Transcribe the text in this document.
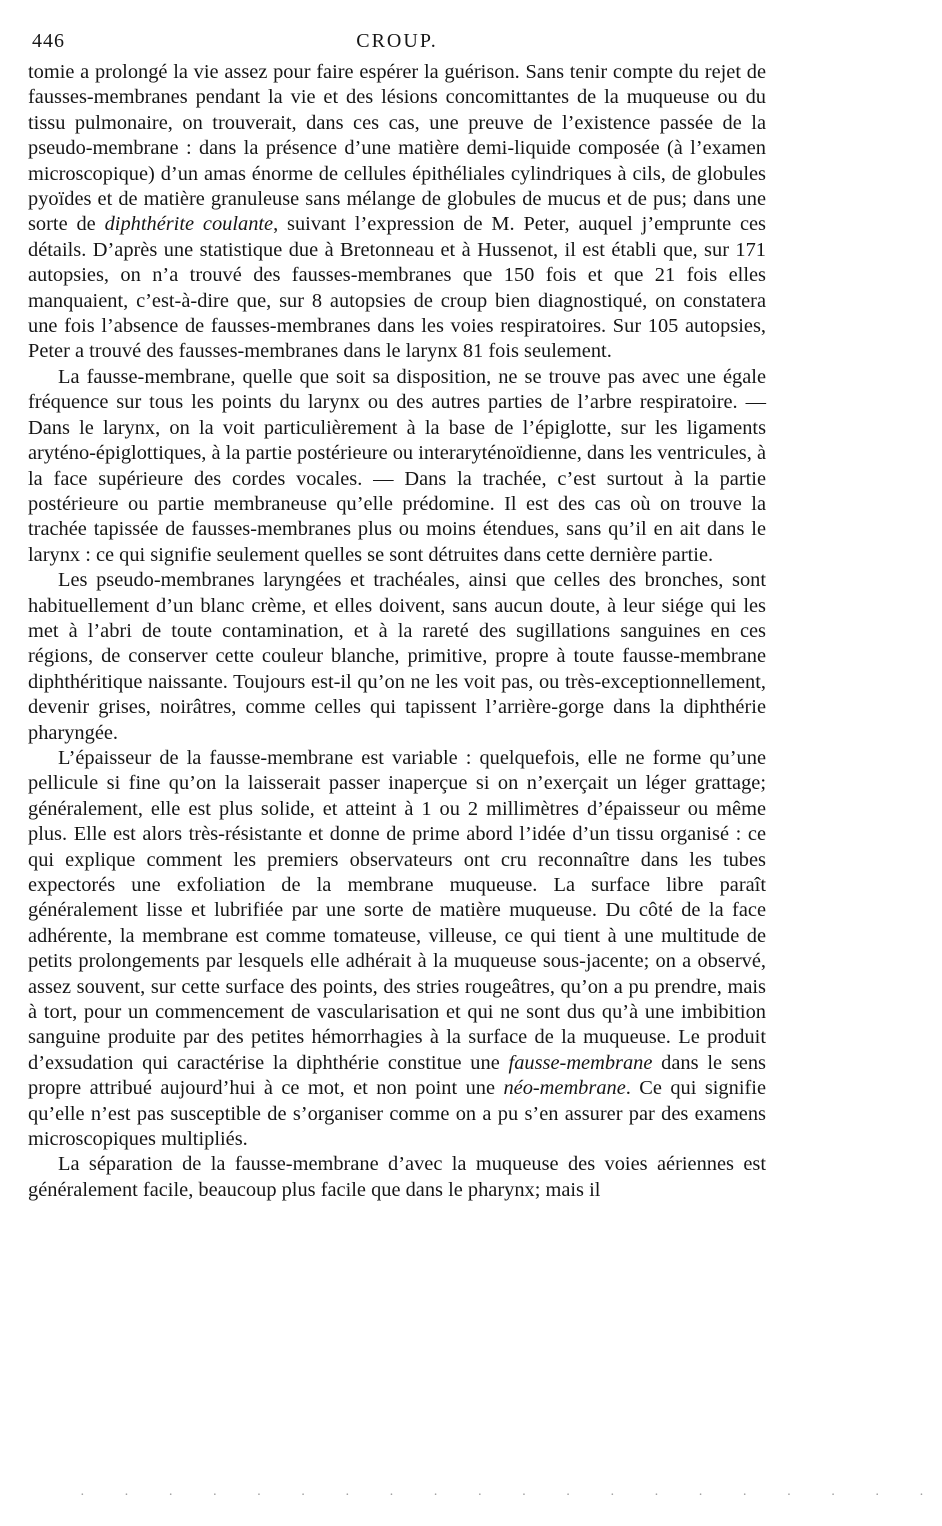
446	CROUP.

tomie a prolongé la vie assez pour faire espérer la guérison. Sans tenir compte du rejet de fausses-membranes pendant la vie et des lésions concomittantes de la muqueuse ou du tissu pulmonaire, on trouverait, dans ces cas, une preuve de l’existence passée de la pseudo-membrane : dans la présence d’une matière demi-liquide composée (à l’examen microscopique) d’un amas énorme de cellules épithéliales cylindriques à cils, de globules pyoïdes et de matière granuleuse sans mélange de globules de mucus et de pus; dans une sorte de diphthérite coulante, suivant l’expression de M. Peter, auquel j’emprunte ces détails. D’après une statistique due à Bretonneau et à Hussenot, il est établi que, sur 171 autopsies, on n’a trouvé des fausses-membranes que 150 fois et que 21 fois elles manquaient, c’est-à-dire que, sur 8 autopsies de croup bien diagnostiqué, on constatera une fois l’absence de fausses-membranes dans les voies respiratoires. Sur 105 autopsies, Peter a trouvé des fausses-membranes dans le larynx 81 fois seulement.

La fausse-membrane, quelle que soit sa disposition, ne se trouve pas avec une égale fréquence sur tous les points du larynx ou des autres parties de l’arbre respiratoire. — Dans le larynx, on la voit particulièrement à la base de l’épiglotte, sur les ligaments aryténo-épiglottiques, à la partie postérieure ou interaryténoïdienne, dans les ventricules, à la face supérieure des cordes vocales. — Dans la trachée, c’est surtout à la partie postérieure ou partie membraneuse qu’elle prédomine. Il est des cas où on trouve la trachée tapissée de fausses-membranes plus ou moins étendues, sans qu’il en ait dans le larynx : ce qui signifie seulement quelles se sont détruites dans cette dernière partie.

Les pseudo-membranes laryngées et trachéales, ainsi que celles des bronches, sont habituellement d’un blanc crème, et elles doivent, sans aucun doute, à leur siége qui les met à l’abri de toute contamination, et à la rareté des sugillations sanguines en ces régions, de conserver cette couleur blanche, primitive, propre à toute fausse-membrane diphthéritique naissante. Toujours est-il qu’on ne les voit pas, ou très-exceptionnellement, devenir grises, noirâtres, comme celles qui tapissent l’arrière-gorge dans la diphthérie pharyngée.

L’épaisseur de la fausse-membrane est variable : quelquefois, elle ne forme qu’une pellicule si fine qu’on la laisserait passer inaperçue si on n’exerçait un léger grattage; généralement, elle est plus solide, et atteint à 1 ou 2 millimètres d’épaisseur ou même plus. Elle est alors très-résistante et donne de prime abord l’idée d’un tissu organisé : ce qui explique comment les premiers observateurs ont cru reconnaître dans les tubes expectorés une exfoliation de la membrane muqueuse. La surface libre paraît généralement lisse et lubrifiée par une sorte de matière muqueuse. Du côté de la face adhérente, la membrane est comme tomateuse, villeuse, ce qui tient à une multitude de petits prolongements par lesquels elle adhérait à la muqueuse sous-jacente; on a observé, assez souvent, sur cette surface des points, des stries rougeâtres, qu’on a pu prendre, mais à tort, pour un commencement de vascularisation et qui ne sont dus qu’à une imbibition sanguine produite par des petites hémorrhagies à la surface de la muqueuse. Le produit d’exsudation qui caractérise la diphthérie constitue une fausse-membrane dans le sens propre attribué aujourd’hui à ce mot, et non point une néo-membrane. Ce qui signifie qu’elle n’est pas susceptible de s’organiser comme on a pu s’en assurer par des examens microscopiques multipliés.

La séparation de la fausse-membrane d’avec la muqueuse des voies aériennes est généralement facile, beaucoup plus facile que dans le pharynx; mais il

· · · · · · · · · · · · · · · · · · · ·
